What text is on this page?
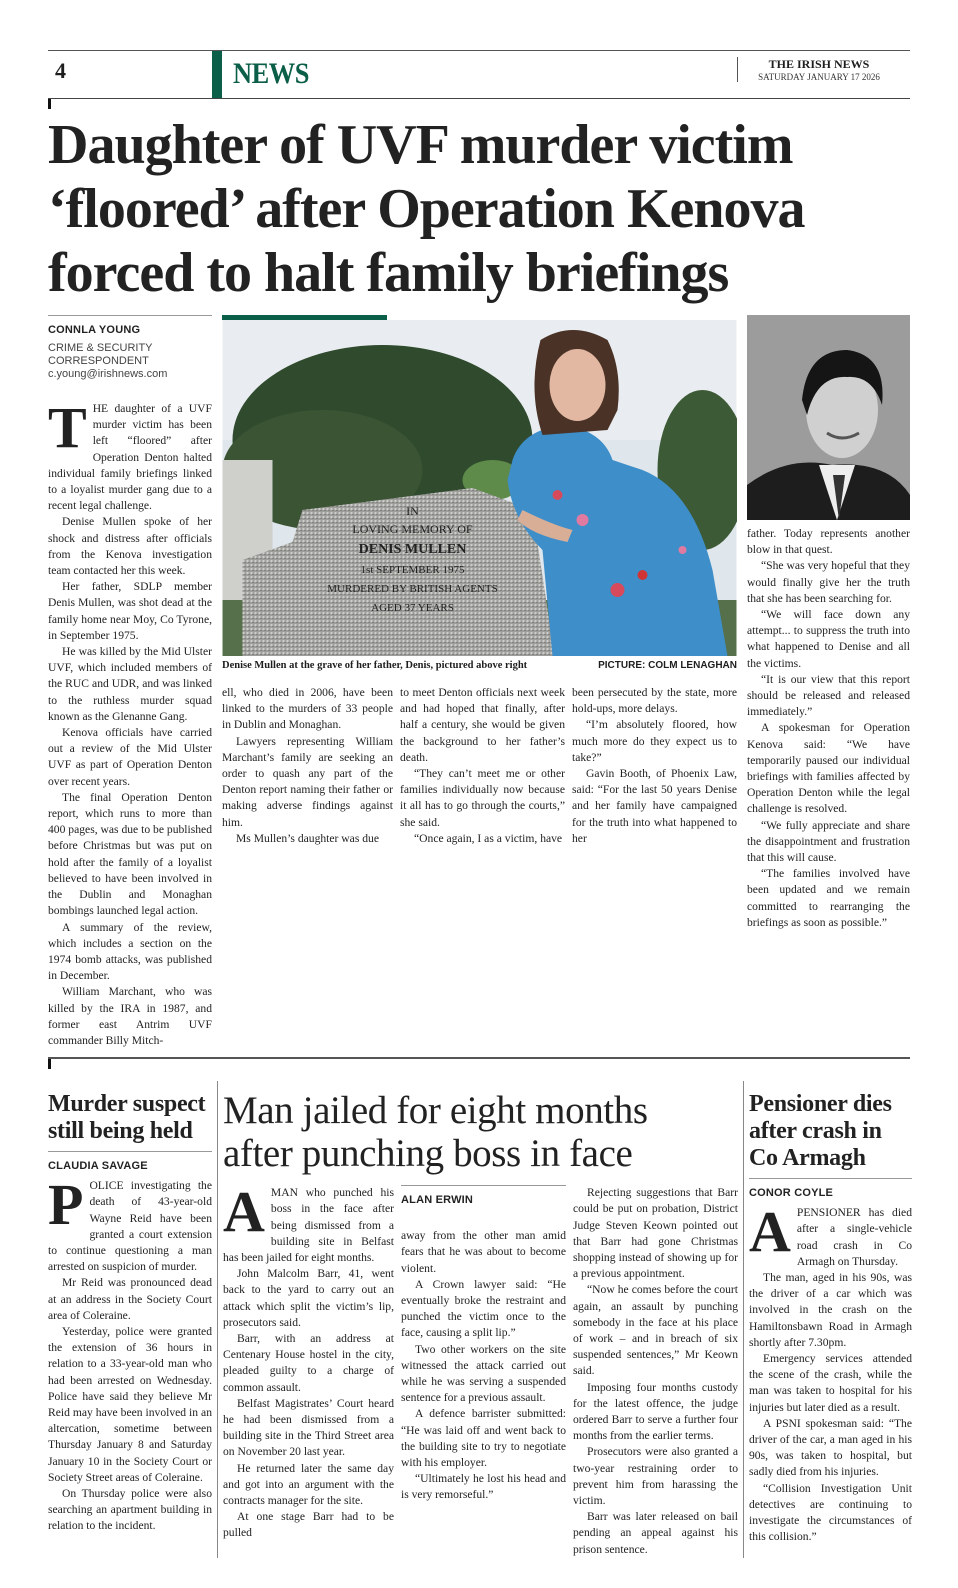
4	NEWS	THE IRISH NEWS
SATURDAY JANUARY 17 2026
Daughter of UVF murder victim
‘floored’ after Operation Kenova
forced to halt family briefings
CONNLA YOUNG
CRIME & SECURITY
CORRESPONDENT
c.young@irishnews.com

THE daughter of a UVF murder victim has been left “floored” after Operation Denton halted individual family briefings linked to a loyalist murder gang due to a recent legal challenge.

Denise Mullen spoke of her shock and distress after officials from the Kenova investigation team contacted her this week.

Her father, SDLP member Denis Mullen, was shot dead at the family home near Moy, Co Tyrone, in September 1975.

He was killed by the Mid Ulster UVF, which included members of the RUC and UDR, and was linked to the ruthless murder squad known as the Glenanne Gang.

Kenova officials have carried out a review of the Mid Ulster UVF as part of Operation Denton over recent years.

The final Operation Denton report, which runs to more than 400 pages, was due to be published before Christmas but was put on hold after the family of a loyalist believed to have been involved in the Dublin and Monaghan bombings launched legal action.

A summary of the review, which includes a section on the 1974 bomb attacks, was published in December.

William Marchant, who was killed by the IRA in 1987, and former east Antrim UVF commander Billy Mitch-

IN
LOVING MEMORY OF
DENIS MULLEN
1st SEPTEMBER 1975
MURDERED BY BRITISH AGENTS
AGED 37 YEARS
Denise Mullen at the grave of her father, Denis, pictured above right	PICTURE: COLM LENAGHAN

ell, who died in 2006, have been linked to the murders of 33 people in Dublin and Monaghan.

Lawyers representing William Marchant’s family are seeking an order to quash any part of the Denton report naming their father or making adverse findings against him.

Ms Mullen’s daughter was due

to meet Denton officials next week and had hoped that finally, after half a century, she would be given the background to her father’s death.

“They can’t meet me or other families individually now because it all has to go through the courts,” she said.

“Once again, I as a victim, have

been persecuted by the state, more hold-ups, more delays.

“I’m absolutely floored, how much more do they expect us to take?”

Gavin Booth, of Phoenix Law, said: “For the last 50 years Denise and her family have campaigned for the truth into what happened to her

father. Today represents another blow in that quest.

“She was very hopeful that they would finally give her the truth that she has been searching for.

“We will face down any attempt... to suppress the truth into what happened to Denise and all the victims.

“It is our view that this report should be released and released immediately.”

A spokesman for Operation Kenova said: “We have temporarily paused our individual briefings with families affected by Operation Denton while the legal challenge is resolved.

“We fully appreciate and share the disappointment and frustration that this will cause.

“The families involved have been updated and we remain committed to rearranging the briefings as soon as possible.”

Murder suspect
still being held
CLAUDIA SAVAGE

POLICE investigating the death of 43-year-old Wayne Reid have been granted a court extension to continue questioning a man arrested on suspicion of murder.

Mr Reid was pronounced dead at an address in the Society Court area of Coleraine.

Yesterday, police were granted the extension of 36 hours in relation to a 33-year-old man who had been arrested on Wednesday. Police have said they believe Mr Reid may have been involved in an altercation, sometime between Thursday January 8 and Saturday January 10 in the Society Court or Society Street areas of Coleraine.

On Thursday police were also searching an apartment building in relation to the incident.

Man jailed for eight months
after punching boss in face

AMAN who punched his boss in the face after being dismissed from a building site in Belfast has been jailed for eight months.

John Malcolm Barr, 41, went back to the yard to carry out an attack which split the victim’s lip, prosecutors said.

Barr, with an address at Centenary House hostel in the city, pleaded guilty to a charge of common assault.

Belfast Magistrates’ Court heard he had been dismissed from a building site in the Third Street area on November 20 last year.

He returned later the same day and got into an argument with the contracts manager for the site.

At one stage Barr had to be pulled

ALAN ERWIN

away from the other man amid fears that he was about to become violent.

A Crown lawyer said: “He eventually broke the restraint and punched the victim once to the face, causing a split lip.”

Two other workers on the site witnessed the attack carried out while he was serving a suspended sentence for a previous assault.

A defence barrister submitted: “He was laid off and went back to the building site to try to negotiate with his employer.

“Ultimately he lost his head and is very remorseful.”

Rejecting suggestions that Barr could be put on probation, District Judge Steven Keown pointed out that Barr had gone Christmas shopping instead of showing up for a previous appointment.

“Now he comes before the court again, an assault by punching somebody in the face at his place of work – and in breach of six suspended sentences,” Mr Keown said.

Imposing four months custody for the latest offence, the judge ordered Barr to serve a further four months from the earlier terms.

Prosecutors were also granted a two-year restraining order to prevent him from harassing the victim.

Barr was later released on bail pending an appeal against his prison sentence.

Pensioner dies
after crash in
Co Armagh
CONOR COYLE

APENSIONER has died after a single-vehicle road crash in Co Armagh on Thursday.

The man, aged in his 90s, was the driver of a car which was involved in the crash on the Hamiltonsbawn Road in Armagh shortly after 7.30pm.

Emergency services attended the scene of the crash, while the man was taken to hospital for his injuries but later died as a result.

A PSNI spokesman said: “The driver of the car, a man aged in his 90s, was taken to hospital, but sadly died from his injuries.

“Collision Investigation Unit detectives are continuing to investigate the circumstances of this collision.”
